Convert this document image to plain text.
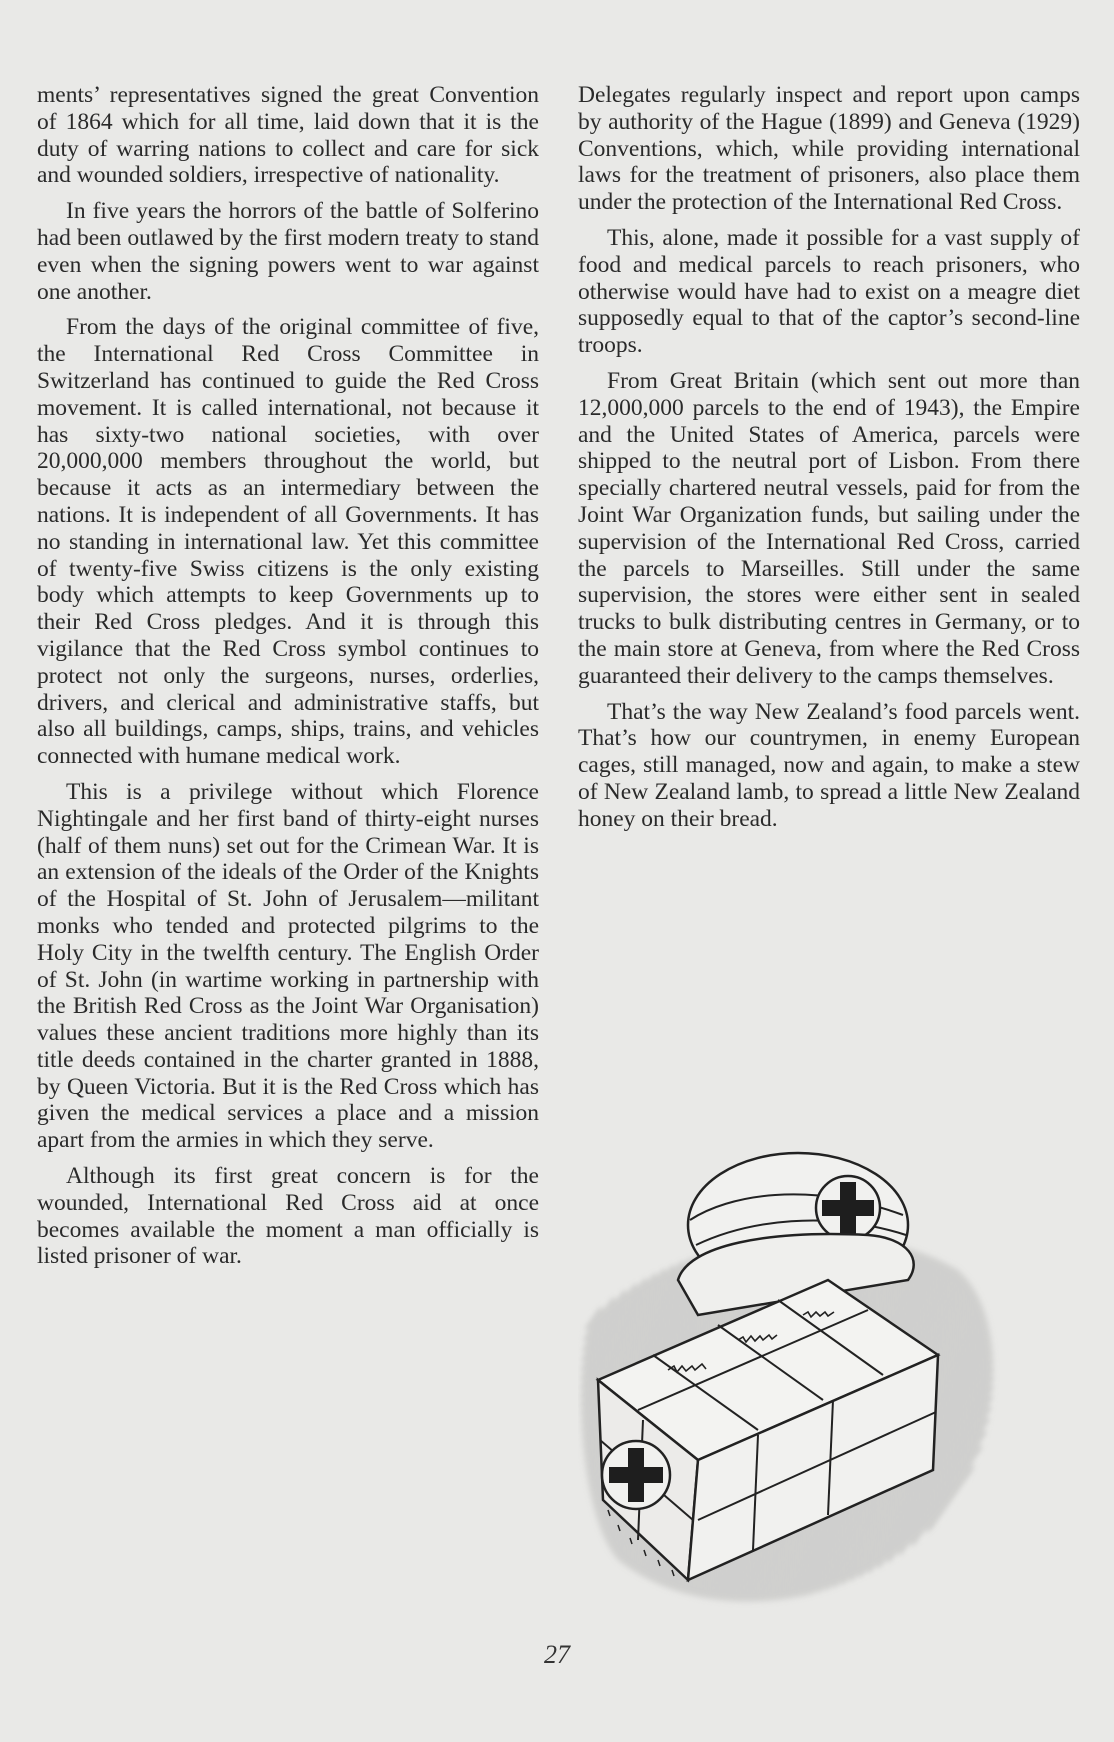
ments’ representatives signed the great Convention of 1864 which for all time, laid down that it is the duty of warring nations to collect and care for sick and wounded soldiers, irrespective of nationality.

In five years the horrors of the battle of Solferino had been outlawed by the first modern treaty to stand even when the signing powers went to war against one another.

From the days of the original committee of five, the International Red Cross Committee in Switzerland has continued to guide the Red Cross movement. It is called international, not because it has sixty-two national societies, with over 20,000,000 members throughout the world, but because it acts as an intermediary between the nations. It is independent of all Governments. It has no standing in international law. Yet this committee of twenty-five Swiss citizens is the only existing body which attempts to keep Governments up to their Red Cross pledges. And it is through this vigilance that the Red Cross symbol continues to protect not only the surgeons, nurses, orderlies, drivers, and clerical and administrative staffs, but also all buildings, camps, ships, trains, and vehicles connected with humane medical work.

This is a privilege without which Florence Nightingale and her first band of thirty-eight nurses (half of them nuns) set out for the Crimean War. It is an extension of the ideals of the Order of the Knights of the Hospital of St. John of Jerusalem—militant monks who tended and protected pilgrims to the Holy City in the twelfth century. The English Order of St. John (in wartime working in partnership with the British Red Cross as the Joint War Organisation) values these ancient traditions more highly than its title deeds contained in the charter granted in 1888, by Queen Victoria. But it is the Red Cross which has given the medical services a place and a mission apart from the armies in which they serve.

Although its first great concern is for the wounded, International Red Cross aid at once becomes available the moment a man officially is listed prisoner of war.

Delegates regularly inspect and report upon camps by authority of the Hague (1899) and Geneva (1929) Conventions, which, while providing international laws for the treatment of prisoners, also place them under the protection of the International Red Cross.

This, alone, made it possible for a vast supply of food and medical parcels to reach prisoners, who otherwise would have had to exist on a meagre diet supposedly equal to that of the captor’s second-line troops.

From Great Britain (which sent out more than 12,000,000 parcels to the end of 1943), the Empire and the United States of America, parcels were shipped to the neutral port of Lisbon. From there specially chartered neutral vessels, paid for from the Joint War Organization funds, but sailing under the supervision of the International Red Cross, carried the parcels to Marseilles. Still under the same supervision, the stores were either sent in sealed trucks to bulk distributing centres in Germany, or to the main store at Geneva, from where the Red Cross guaranteed their delivery to the camps themselves.

That’s the way New Zealand’s food parcels went. That’s how our countrymen, in enemy European cages, still managed, now and again, to make a stew of New Zealand lamb, to spread a little New Zealand honey on their bread.

27
